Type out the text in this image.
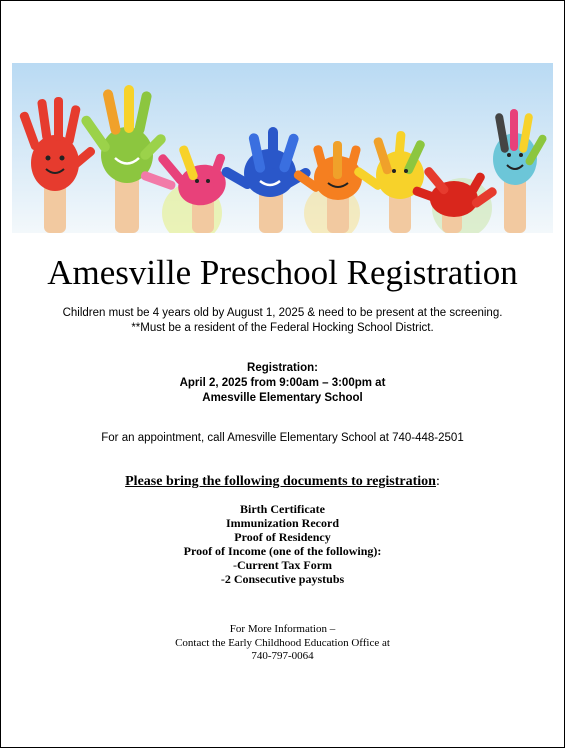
Amesville Preschool Registration
Children must be 4 years old by August 1, 2025 & need to be present at the screening.
**Must be a resident of the Federal Hocking School District.
Registration:
April 2, 2025 from 9:00am – 3:00pm at
Amesville Elementary School
For an appointment, call Amesville Elementary School at 740-448-2501
Please bring the following documents to registration:
Birth Certificate
Immunization Record
Proof of Residency
Proof of Income (one of the following):
-Current Tax Form
-2 Consecutive paystubs
For More Information –
Contact the Early Childhood Education Office at
740-797-0064
